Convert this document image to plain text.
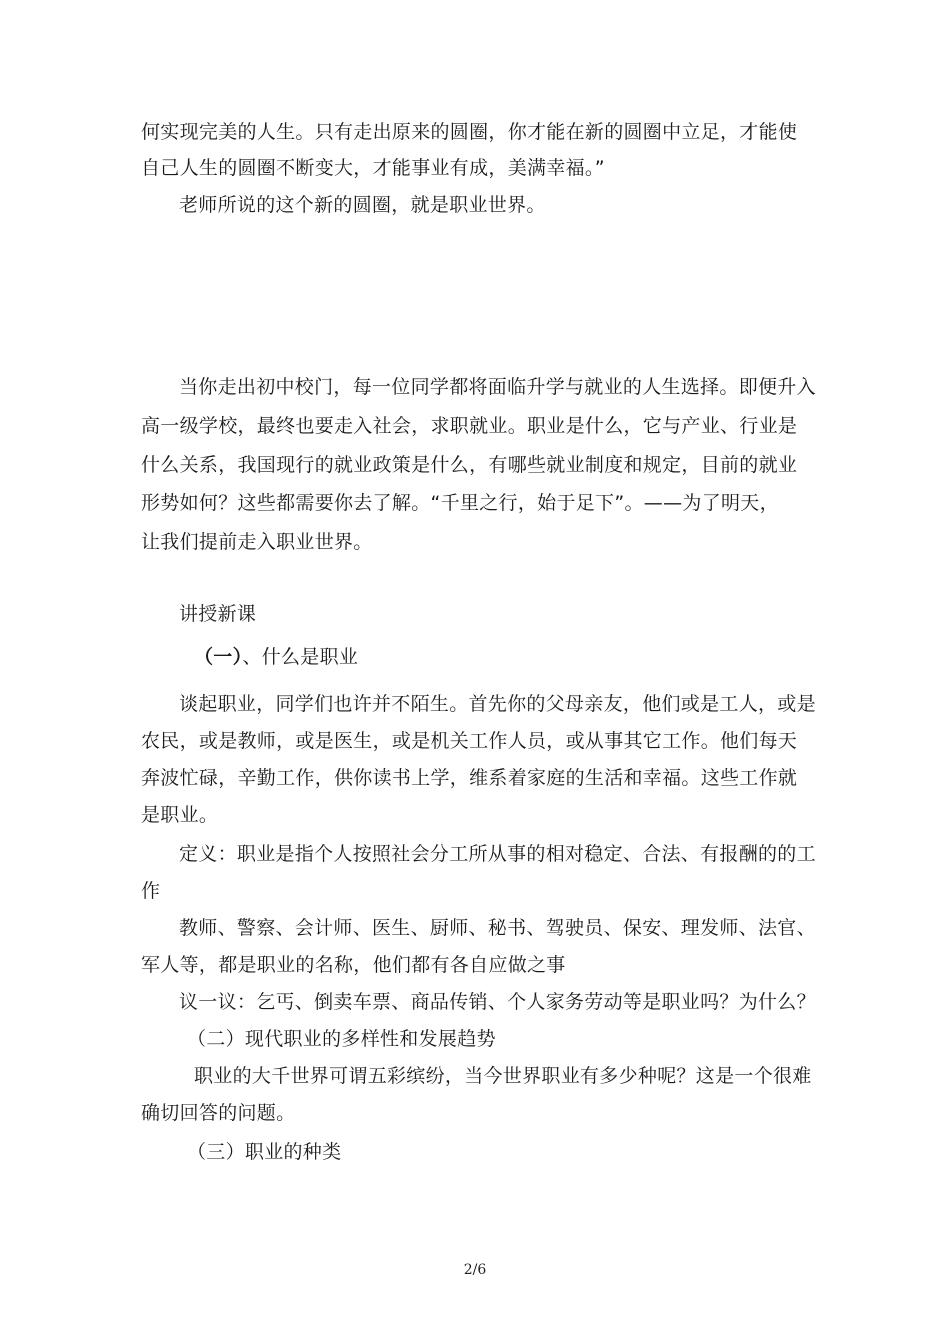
何实现完美的人生。只有走出原来的圆圈，你才能在新的圆圈中立足，才能使
自己人生的圆圈不断变大，才能事业有成，美满幸福。”
老师所说的这个新的圆圈，就是职业世界。
当你走出初中校门，每一位同学都将面临升学与就业的人生选择。即便升入
高一级学校，最终也要走入社会，求职就业。职业是什么，它与产业、行业是
什么关系，我国现行的就业政策是什么，有哪些就业制度和规定，目前的就业
形势如何？这些都需要你去了解。“千里之行，始于足下”。——为了明天，
让我们提前走入职业世界。
讲授新课
（一）、什么是职业
谈起职业，同学们也许并不陌生。首先你的父母亲友，他们或是工人，或是
农民，或是教师，或是医生，或是机关工作人员，或从事其它工作。他们每天
奔波忙碌，辛勤工作，供你读书上学，维系着家庭的生活和幸福。这些工作就
是职业。
定义：职业是指个人按照社会分工所从事的相对稳定、合法、有报酬的的工
作
教师、警察、会计师、医生、厨师、秘书、驾驶员、保安、理发师、法官、
军人等，都是职业的名称，他们都有各自应做之事
议一议：乞丐、倒卖车票、商品传销、个人家务劳动等是职业吗？为什么？
（二）现代职业的多样性和发展趋势
职业的大千世界可谓五彩缤纷，当今世界职业有多少种呢？这是一个很难
确切回答的问题。
（三）职业的种类
2/6
